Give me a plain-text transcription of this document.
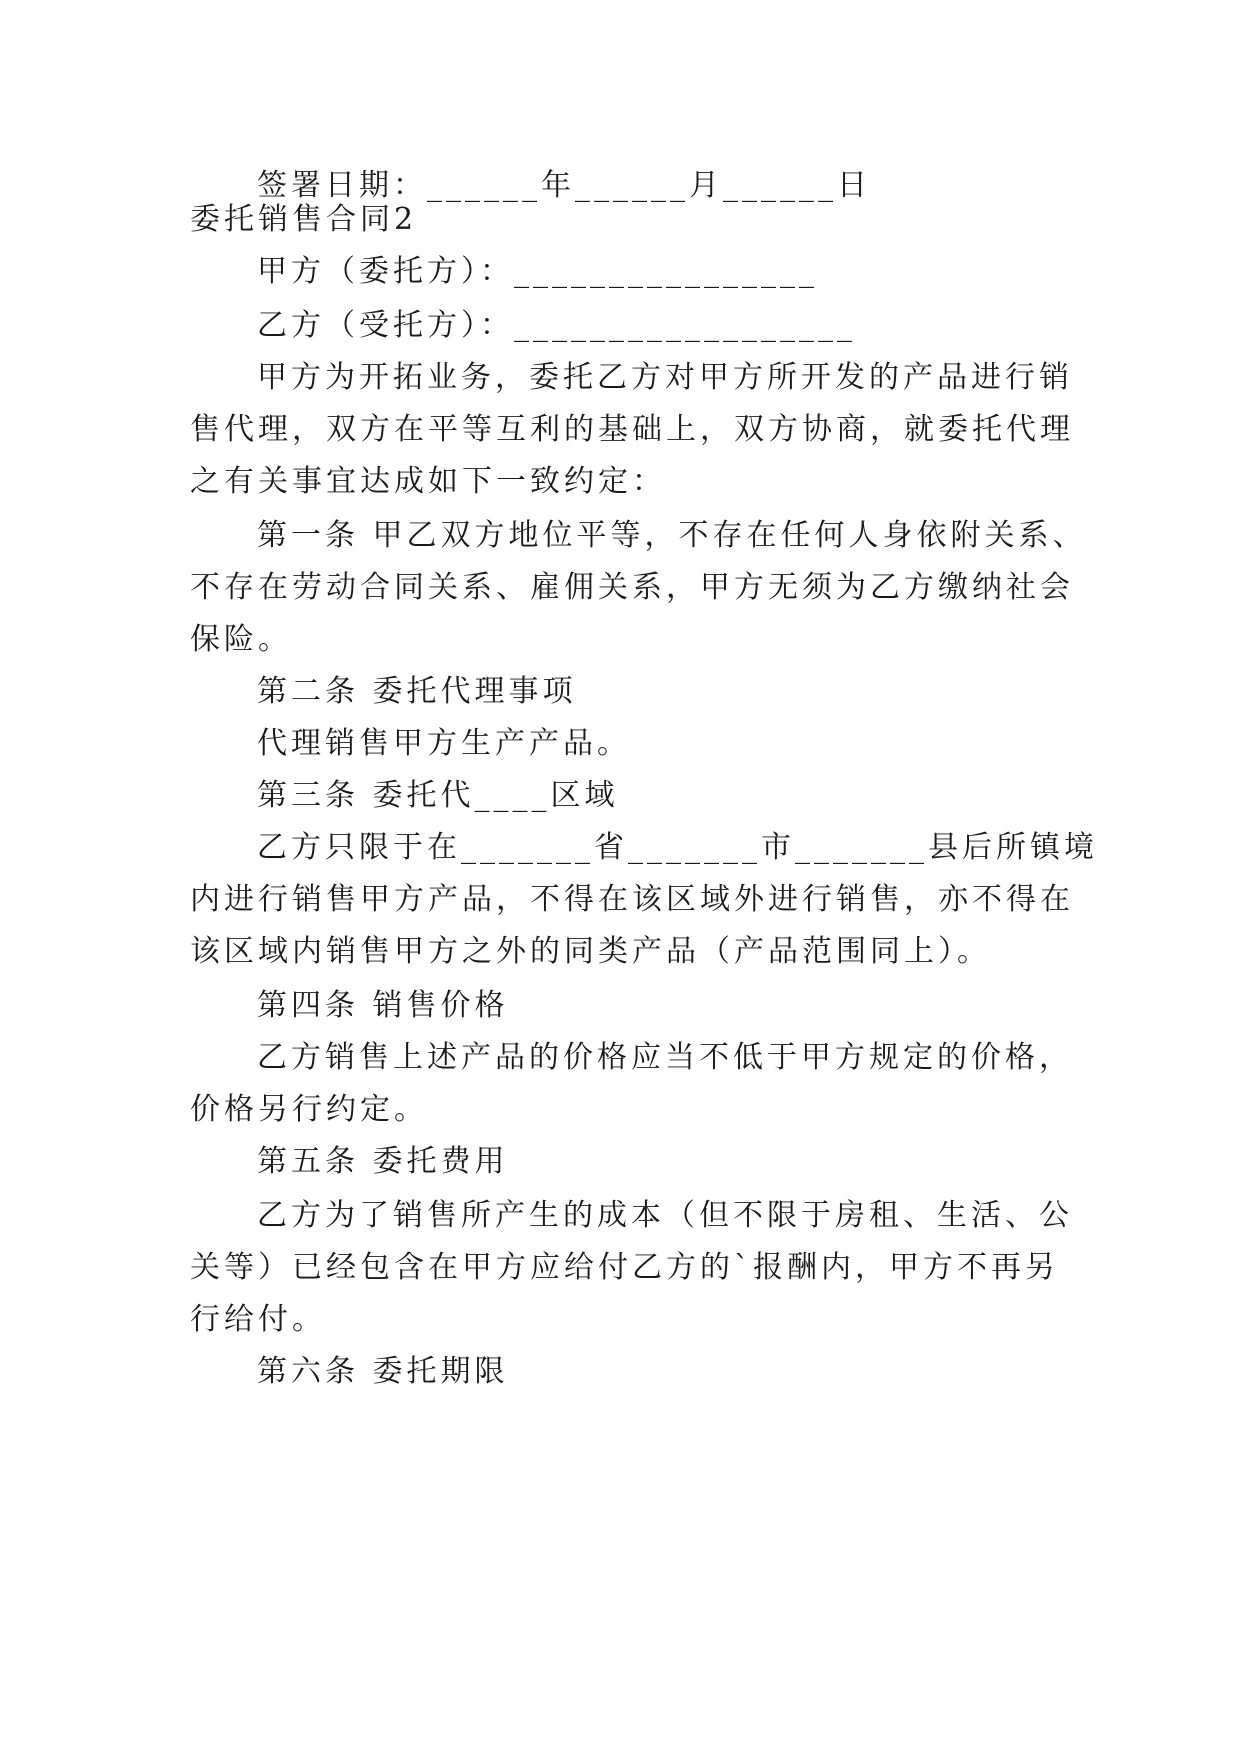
签署日期：______年______月______日
委托销售合同2
甲方（委托方）：________________
乙方（受托方）：__________________
甲方为开拓业务，委托乙方对甲方所开发的产品进行销
售代理，双方在平等互利的基础上，双方协商，就委托代理
之有关事宜达成如下一致约定：
第一条 甲乙双方地位平等，不存在任何人身依附关系、
不存在劳动合同关系、雇佣关系，甲方无须为乙方缴纳社会
保险。
第二条 委托代理事项
代理销售甲方生产产品。
第三条 委托代____区域
乙方只限于在_______省_______市_______县后所镇境
内进行销售甲方产品，不得在该区域外进行销售，亦不得在
该区域内销售甲方之外的同类产品（产品范围同上）。
第四条 销售价格
乙方销售上述产品的价格应当不低于甲方规定的价格，
价格另行约定。
第五条 委托费用
乙方为了销售所产生的成本（但不限于房租、生活、公
关等）已经包含在甲方应给付乙方的`报酬内，甲方不再另
行给付。
第六条 委托期限
